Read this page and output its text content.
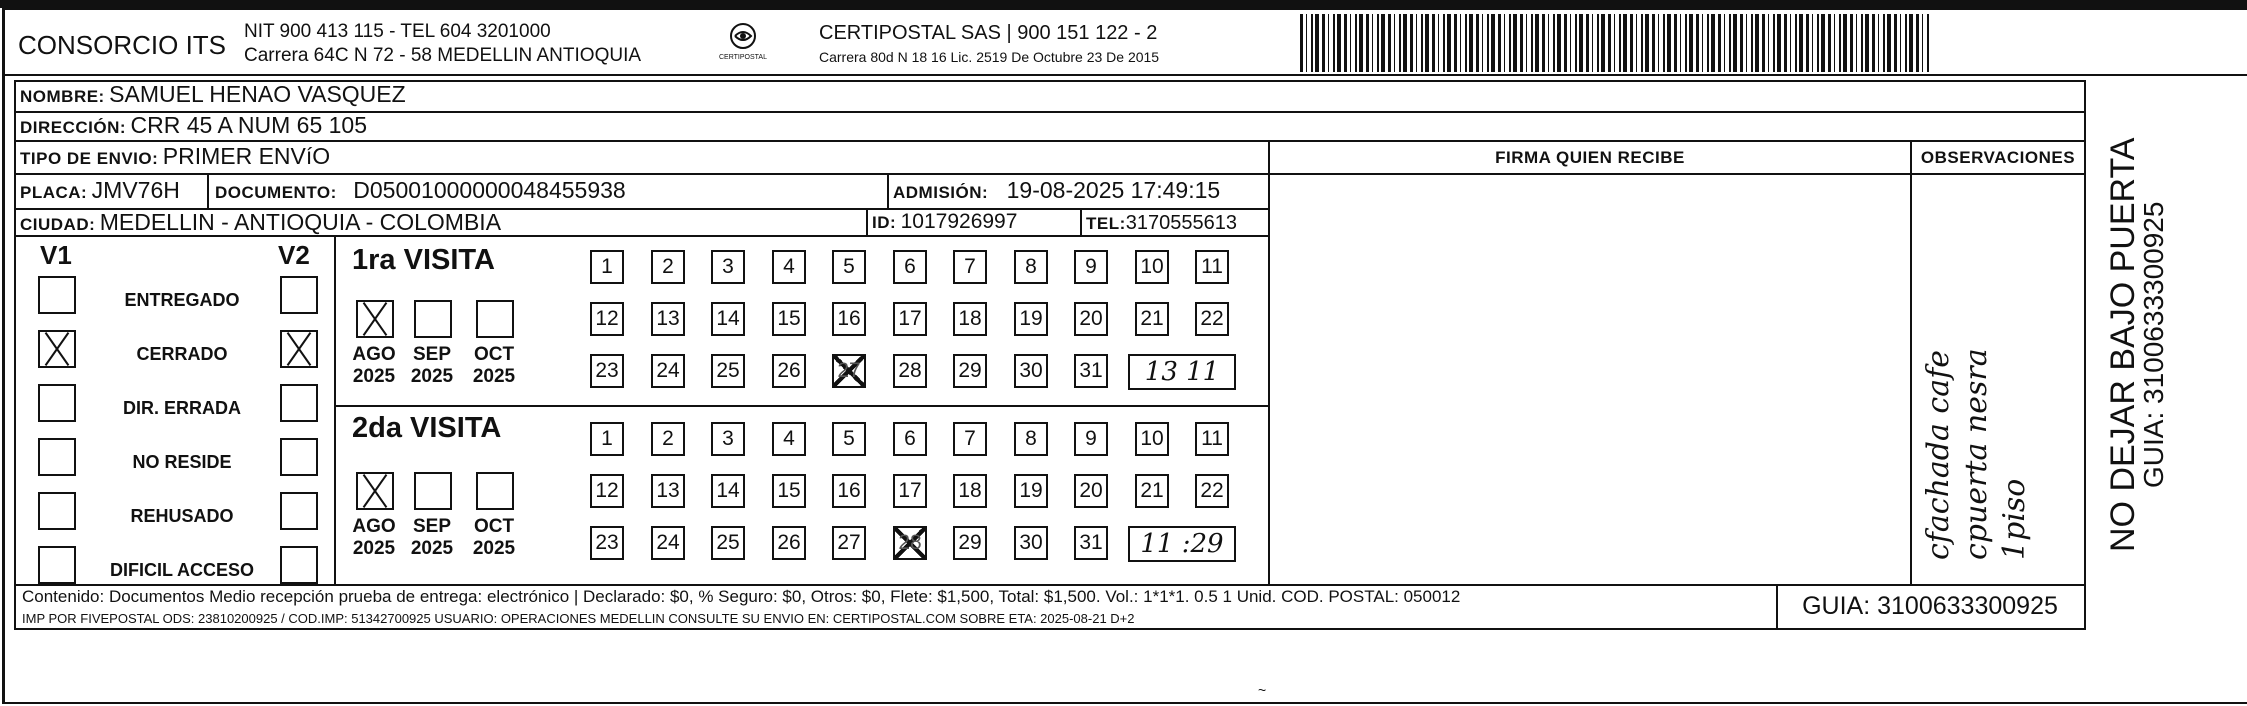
CONSORCIO ITS NIT 900 413 115 - TEL 604 3201000
Carrera 64C N 72 - 58 MEDELLIN ANTIOQUIA	CERTIPOSTAL
CERTIPOSTAL SAS | 900 151 122 - 2
Carrera 80d N 18 16 Lic. 2519 De Octubre 23 De 2015
NOMBRE: SAMUEL HENAO VASQUEZ
DIRECCIÓN: CRR 45 A NUM 65 105
TIPO DE ENVIO: PRIMER ENVíO
PLACA: JMV76H DOCUMENTO: D05001000000048455938	ADMISIÓN: 19-08-2025 17:49:15
CIUDAD: MEDELLIN - ANTIOQUIA - COLOMBIA	ID: 1017926997	TEL:3170555613
FIRMA QUIEN RECIBE	OBSERVACIONES
V1	V2
ENTREGADO
CERRADO
DIR. ERRADA
NO RESIDE
REHUSADO
DIFICIL ACCESO
1ra VISITA
AGO
2025
SEP
2025
OCT
2025
1	2	3	4	5	6	7	8	9	10 11
12 13 14 15 16 17 18 19 20 21 22
23 24 25 26 27 28 29 30 31	13 11
2da VISITA
AGO
2025
SEP
2025
OCT
2025
1	2	3	4	5	6	7	8	9	10 11
12 13 14 15 16 17 18 19 20 21 22
23 24 25 26 27 28 29 30 31	11 :29	cfachada cafe cpuerta nesra 1piso
Contenido: Documentos Medio recepción prueba de entrega: electrónico | Declarado: $0, % Seguro: $0, Otros: $0, Flete: $1,500, Total: $1,500. Vol.: 1*1*1. 0.5 1 Unid. COD. POSTAL: 050012
IMP POR FIVEPOSTAL ODS: 23810200925 / COD.IMP: 51342700925 USUARIO: OPERACIONES MEDELLIN CONSULTE SU ENVIO EN: CERTIPOSTAL.COM SOBRE ETA: 2025-08-21 D+2	GUIA: 3100633300925
NO DEJAR BAJO PUERTA
GUIA: 3100633300925
~
